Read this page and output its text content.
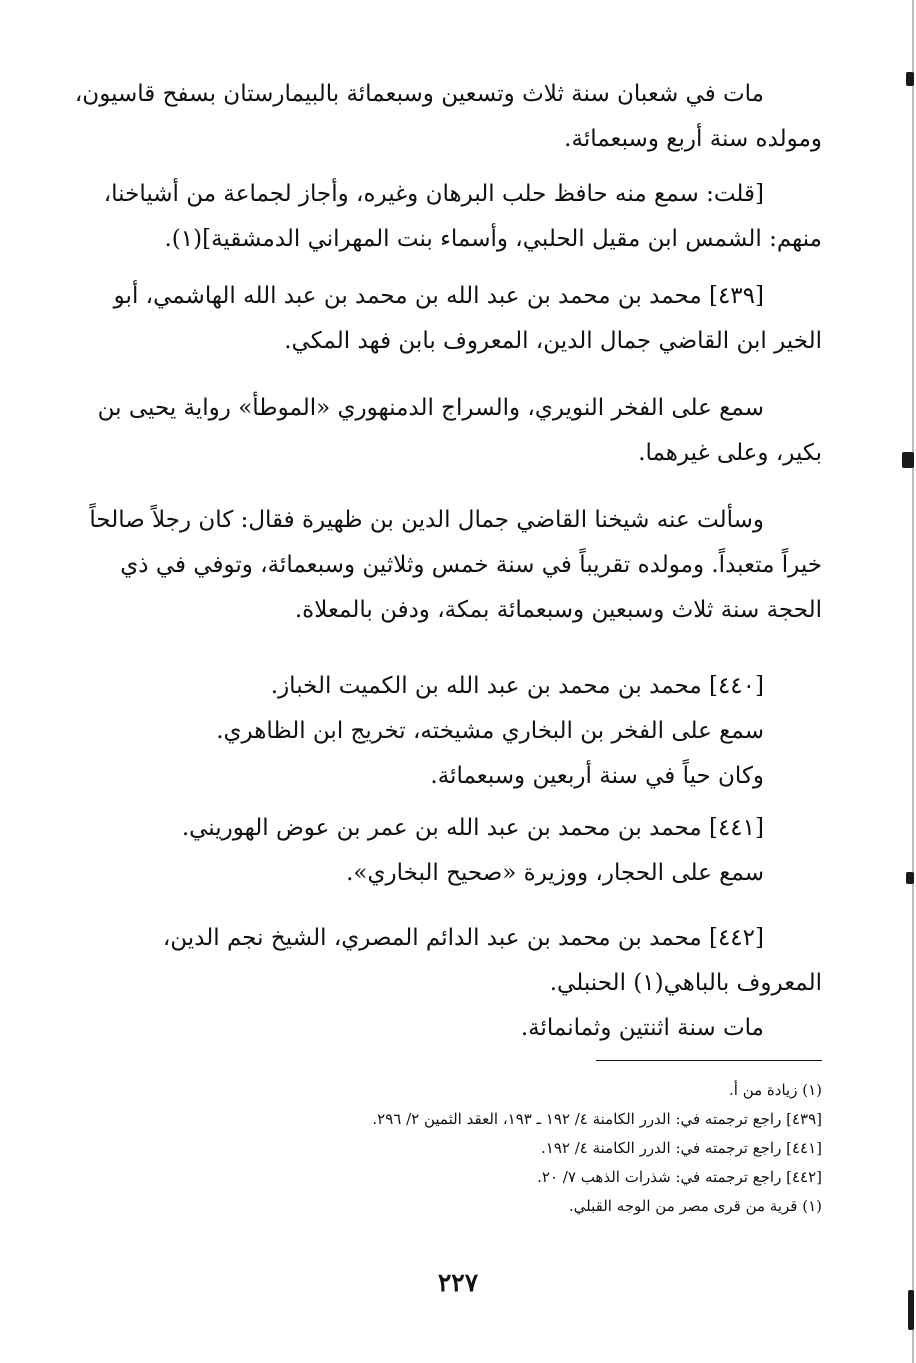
مات في شعبان سنة ثلاث وتسعين وسبعمائة بالبيمارستان بسفح قاسيون،
ومولده سنة أربع وسبعمائة.
[قلت: سمع منه حافظ حلب البرهان وغيره، وأجاز لجماعة من أشياخنا،
منهم: الشمس ابن مقيل الحلبي، وأسماء بنت المهراني الدمشقية](١).
[٤٣٩] محمد بن محمد بن عبد الله بن محمد بن عبد الله الهاشمي، أبو
الخير ابن القاضي جمال الدين، المعروف بابن فهد المكي.
سمع على الفخر النويري، والسراج الدمنهوري «الموطأ» رواية يحيى بن
بكير، وعلى غيرهما.
وسألت عنه شيخنا القاضي جمال الدين بن ظهيرة فقال: كان رجلاً صالحاً
خيراً متعبداً. ومولده تقريباً في سنة خمس وثلاثين وسبعمائة، وتوفي في ذي
الحجة سنة ثلاث وسبعين وسبعمائة بمكة، ودفن بالمعلاة.
[٤٤٠] محمد بن محمد بن عبد الله بن الكميت الخباز.
سمع على الفخر بن البخاري مشيخته، تخريج ابن الظاهري.
وكان حياً في سنة أربعين وسبعمائة.
[٤٤١] محمد بن محمد بن عبد الله بن عمر بن عوض الهوريني.
سمع على الحجار، ووزيرة «صحيح البخاري».
[٤٤٢] محمد بن محمد بن عبد الدائم المصري، الشيخ نجم الدين،
المعروف بالباهي(١) الحنبلي.
مات سنة اثنتين وثمانمائة.
(١) زيادة من أ.
[٤٣٩] راجع ترجمته في: الدرر الكامنة ٤/ ١٩٢ ـ ١٩٣، العقد الثمين ٢/ ٢٩٦.
[٤٤١] راجع ترجمته في: الدرر الكامنة ٤/ ١٩٢.
[٤٤٢] راجع ترجمته في: شذرات الذهب ٧/ ٢٠.
(١) قرية من قرى مصر من الوجه القبلي.
٢٢٧
